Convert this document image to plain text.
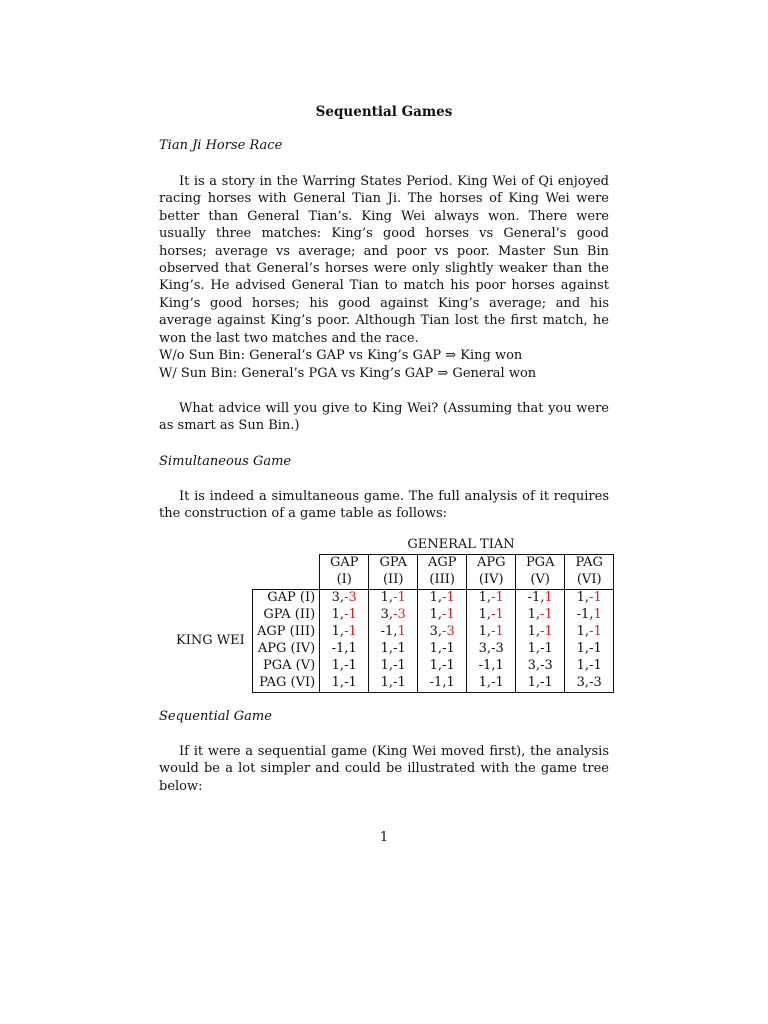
Sequential Games
Tian Ji Horse Race

It is a story in the Warring States Period. King Wei of Qi enjoyed racing horses with General Tian Ji. The horses of King Wei were better than General Tian’s. King Wei always won. There were usually three matches: King’s good horses vs General’s good horses; average vs average; and poor vs poor. Master Sun Bin observed that General’s horses were only slightly weaker than the King’s. He advised General Tian to match his poor horses against King’s good horses; his good against King’s average; and his average against King’s poor. Although Tian lost the first match, he won the last two matches and the race.

W/o Sun Bin: General’s GAP vs King’s GAP ⇒ King won
W/ Sun Bin: General’s PGA vs King’s GAP ⇒ General won

What advice will you give to King Wei? (Assuming that you were as smart as Sun Bin.)

Simultaneous Game

It is indeed a simultaneous game. The full analysis of it requires the construction of a game table as follows:

GENERAL TIAN
KING WEI
	GAP	GPA	AGP	APG	PGA	PAG
	(I)	(II)	(III)	(IV)	(V)	(VI)
GAP (I)	3,-3	1,-1	1,-1	1,-1	-1,1	1,-1
GPA (II)	1,-1	3,-3	1,-1	1,-1	1,-1	-1,1
AGP (III)	1,-1	-1,1	3,-3	1,-1	1,-1	1,-1
APG (IV)	-1,1	1,-1	1,-1	3,-3	1,-1	1,-1
PGA (V)	1,-1	1,-1	1,-1	-1,1	3,-3	1,-1
PAG (VI)	1,-1	1,-1	-1,1	1,-1	1,-1	3,-3
Sequential Game

If it were a sequential game (King Wei moved first), the analysis would be a lot simpler and could be illustrated with the game tree below:

1
